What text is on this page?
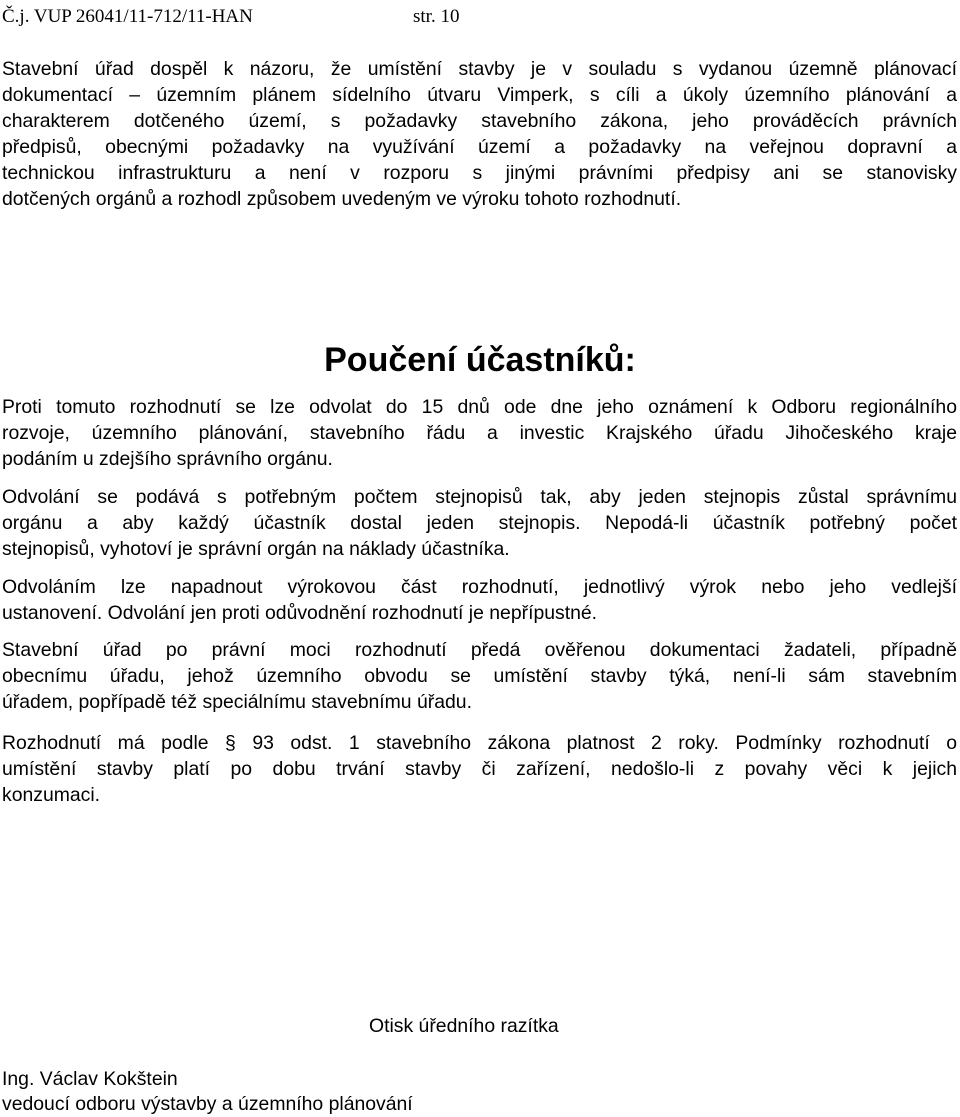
Č.j. VUP 26041/11-712/11-HAN	str. 10
Stavební úřad dospěl k názoru, že umístění stavby je v souladu s vydanou územně plánovací
dokumentací – územním plánem sídelního útvaru Vimperk, s cíli a úkoly územního plánování a
charakterem dotčeného území, s požadavky stavebního zákona, jeho prováděcích právních
předpisů, obecnými požadavky na využívání území a požadavky na veřejnou dopravní a
technickou infrastrukturu a není v rozporu s jinými právními předpisy ani se stanovisky
dotčených orgánů a rozhodl způsobem uvedeným ve výroku tohoto rozhodnutí.
Poučení účastníků:
Proti tomuto rozhodnutí se lze odvolat do 15 dnů ode dne jeho oznámení k Odboru regionálního
rozvoje, územního plánování, stavebního řádu a investic Krajského úřadu Jihočeského kraje
podáním u zdejšího správního orgánu.
Odvolání se podává s potřebným počtem stejnopisů tak, aby jeden stejnopis zůstal správnímu
orgánu a aby každý účastník dostal jeden stejnopis. Nepodá-li účastník potřebný počet
stejnopisů, vyhotoví je správní orgán na náklady účastníka.
Odvoláním lze napadnout výrokovou část rozhodnutí, jednotlivý výrok nebo jeho vedlejší
ustanovení. Odvolání jen proti odůvodnění rozhodnutí je nepřípustné.
Stavební úřad po právní moci rozhodnutí předá ověřenou dokumentaci žadateli, případně
obecnímu úřadu, jehož územního obvodu se umístění stavby týká, není-li sám stavebním
úřadem, popřípadě též speciálnímu stavebnímu úřadu.
Rozhodnutí má podle § 93 odst. 1 stavebního zákona platnost 2 roky. Podmínky rozhodnutí o
umístění stavby platí po dobu trvání stavby či zařízení, nedošlo-li z povahy věci k jejich
konzumaci.
Otisk úředního razítka
Ing. Václav Kokštein
vedoucí odboru výstavby a územního plánování
